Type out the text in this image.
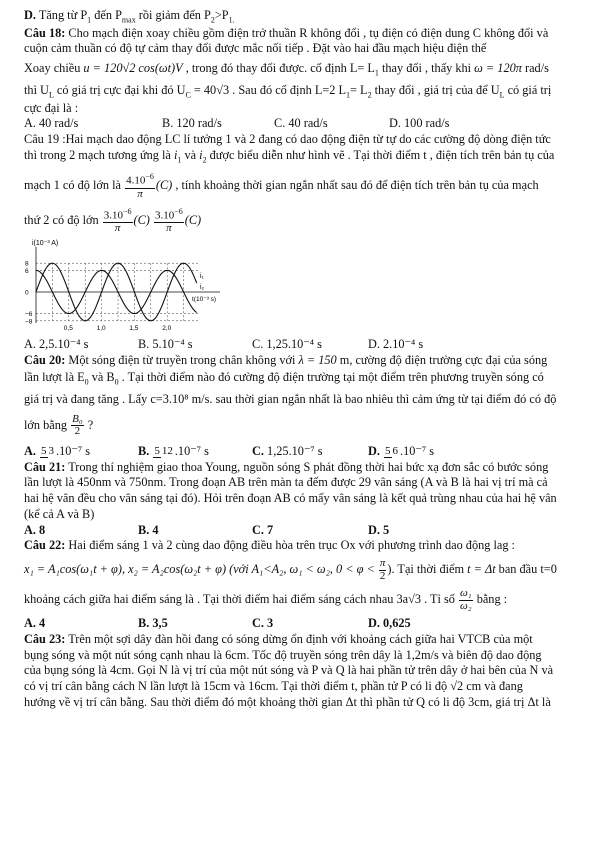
D. Tăng từ $P_1$ đến $P_{max}$ rồi giảm đến $P_2>P_{1.}$

Câu 18: Cho mạch điện xoay chiều gồm điện trở thuần R không đổi , tụ điện có điện dung C không đổi và

cuộn cảm thuần có độ tự cảm thay đổi được mắc nối tiếp . Đặt vào hai đầu mạch hiệu điện thế

Xoay chiều u = 120√2 cos(ωt)V , trong đó thay đổi được. cố định $L= L_1$ thay đổi , thấy khi ω = 120π rad/s

thì $U_L$ có giá trị cực đại khi đó $U_C = 40√3$ . Sau đó cố định L=2 $L_1= L_2$ thay đổi , giá trị của để $U_L$ có giá trị

cực đại là :

A. 40 rad/s	B. 120 rad/s	C. 40 rad/s	D. 100 rad/s

Câu 19 :Hai mạch dao động LC lí tưởng 1 và 2 đang có dao động điện từ tự do các cường độ dòng điện tức

thì trong 2 mạch tương ứng là $i_1$ và $i_2$ được biểu diễn như hình vẽ . Tại thời điểm t , điện tích trên bản tụ của

mạch 1 có độ lớn là $\frac{4.10^{-6}}{\pi} (C)$ , tính khoảng thời gian ngắn nhất sau đó để điện tích trên bản tụ của mạch

thứ 2 có độ lớn $\frac{3.10^{-6}}{\pi} (C) \frac{3.10^{-6}}{\pi} (C)$

i(10⁻³ A)
8
6
0
−6
−8
0,5	1,0	1,5	2,0
i₁
i₂
t(10⁻³ s)
A. 2,5.10⁻⁴ s	B. 5.10⁻⁴ s	C. 1,25.10⁻⁴ s	D. 2.10⁻⁴ s

Câu 20: Một sóng điện từ truyền trong chân không với λ = 150 m, cường độ điện trường cực đại của sóng

lần lượt là $E_0$ và $B_0$ . Tại thời điểm nào đó cường độ điện trường tại một điểm trên phương truyền sóng có

giá trị và đang tăng . Lấy c=3.10⁸ m/s. sau thời gian ngắn nhất là bao nhiêu thì cảm ứng từ tại điểm đó có độ

lớn bằng $\frac{\text{B₀}}{2}$ ?

A. 5 3 .10⁻⁷ s	B. 5 12 .10⁻⁷ s	C. 1,25.10⁻⁷ s	D. 5 6 .10⁻⁷ s

Câu 21: Trong thí nghiệm giao thoa Young, nguồn sóng S phát đồng thời hai bức xạ đơn sắc có bước sóng

lần lượt là 450nm và 750nm. Trong đoạn AB trên màn ta đếm được 29 vân sáng (A và B là hai vị trí mà cả

hai hệ vân đều cho vân sáng tại đó). Hỏi trên đoạn AB có mấy vân sáng là kết quả trùng nhau của hai hệ vân

(kể cả A và B)

A. 8	B. 4	C. 7	D. 5

Câu 22: Hai điểm sáng 1 và 2 cùng dao động điều hòa trên trục Ox với phương trình dao động lag :

x₁ = A₁cos(ω₁t + φ), x₂ = A₂cos(ω₂t + φ) (với A₁<A₂, ω₁ < ω₂, $0 < \varphi < \frac{\pi}{2}$ ). Tại thời điểm t = Δt ban đầu t=0

khoảng cách giữa hai điểm sáng là . Tại thời điểm hai điểm sáng cách nhau 3a√3 . Tỉ số $\frac{\text{ω₁}}{\text{ω₂}}$ bằng :

A. 4	B. 3,5	C. 3	D. 0,625

Câu 23: Trên một sợi dây đàn hồi đang có sóng dừng ổn định với khoảng cách giữa hai VTCB của một

bụng sóng và một nút sóng cạnh nhau là 6cm. Tốc độ truyền sóng trên dây là 1,2m/s và biên độ dao động

của bụng sóng là 4cm. Gọi N là vị trí của một nút sóng và P và Q là hai phần tử trên dây ở hai bên của N và

có vị trí cân bằng cách N lần lượt là 15cm và 16cm. Tại thời điểm t, phần tử P có li độ √2 cm và đang

hướng về vị trí cân bằng. Sau thời điểm đó một khoảng thời gian Δt thì phần tử Q có li độ 3cm, giá trị Δt là
